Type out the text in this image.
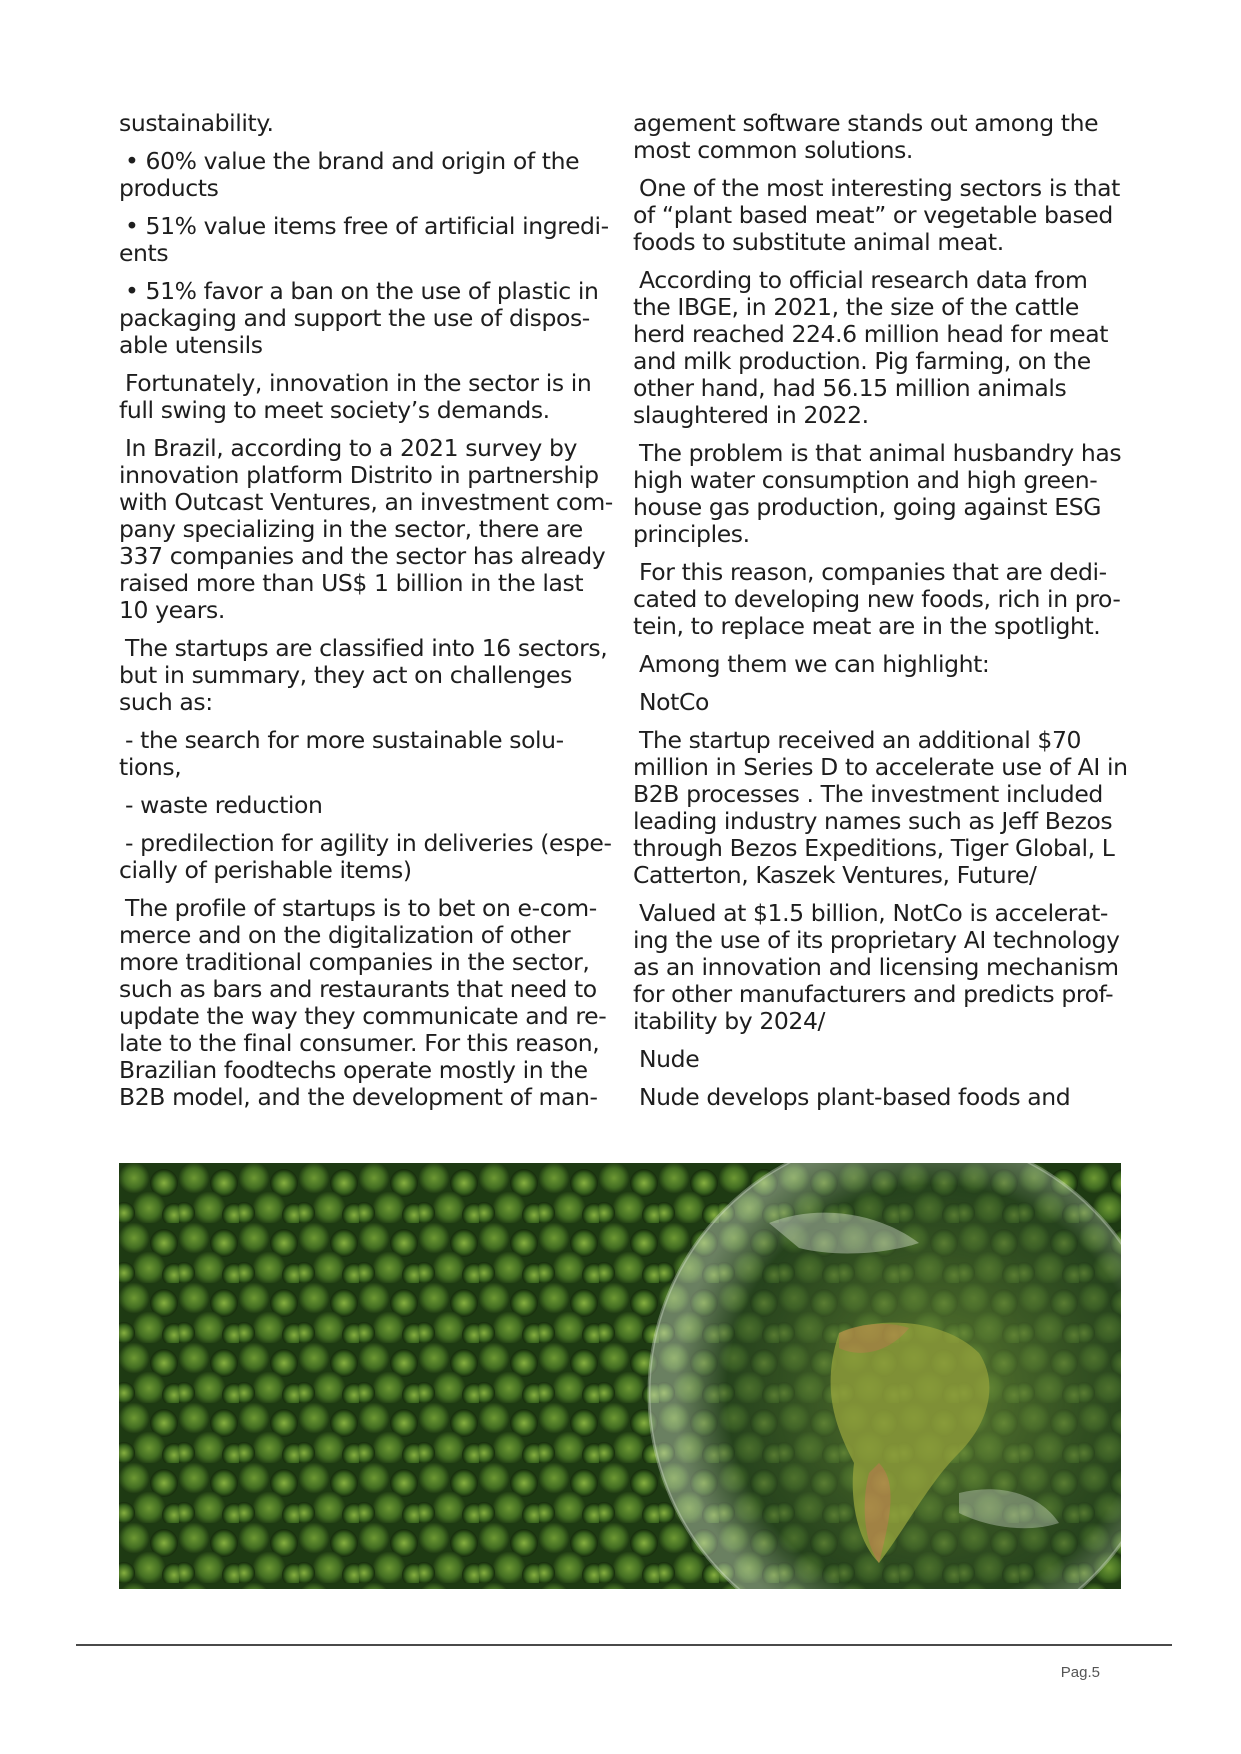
sustainability.

• 60% value the brand and origin of the products

• 51% value items free of artificial ingredi-ents

• 51% favor a ban on the use of plastic in packaging and support the use of dispos-able utensils

Fortunately, innovation in the sector is in full swing to meet society’s demands.

In Brazil, according to a 2021 survey by innovation platform Distrito in partnership with Outcast Ventures, an investment com-pany specializing in the sector, there are 337 companies and the sector has already raised more than US$ 1 billion in the last 10 years.

The startups are classified into 16 sectors, but in summary, they act on challenges such as:

- the search for more sustainable solu-tions,

- waste reduction

- predilection for agility in deliveries (espe-cially of perishable items)

The profile of startups is to bet on e-com-merce and on the digitalization of other more traditional companies in the sector, such as bars and restaurants that need to update the way they communicate and re-late to the final consumer. For this reason, Brazilian foodtechs operate mostly in the B2B model, and the development of man-

agement software stands out among the most common solutions.

One of the most interesting sectors is that of “plant based meat” or vegetable based foods to substitute animal meat.

According to official research data from the IBGE, in 2021, the size of the cattle herd reached 224.6 million head for meat and milk production. Pig farming, on the other hand, had 56.15 million animals slaughtered in 2022.

The problem is that animal husbandry has high water consumption and high green-house gas production, going against ESG principles.

For this reason, companies that are dedi-cated to developing new foods, rich in pro-tein, to replace meat are in the spotlight.

Among them we can highlight:

NotCo

The startup received an additional $70 million in Series D to accelerate use of AI in B2B processes . The investment included leading industry names such as Jeff Bezos through Bezos Expeditions, Tiger Global, L Catterton, Kaszek Ventures, Future/

Valued at $1.5 billion, NotCo is accelerat-ing the use of its proprietary AI technology as an innovation and licensing mechanism for other manufacturers and predicts prof-itability by 2024/

Nude

Nude develops plant-based foods and

Pag.5
